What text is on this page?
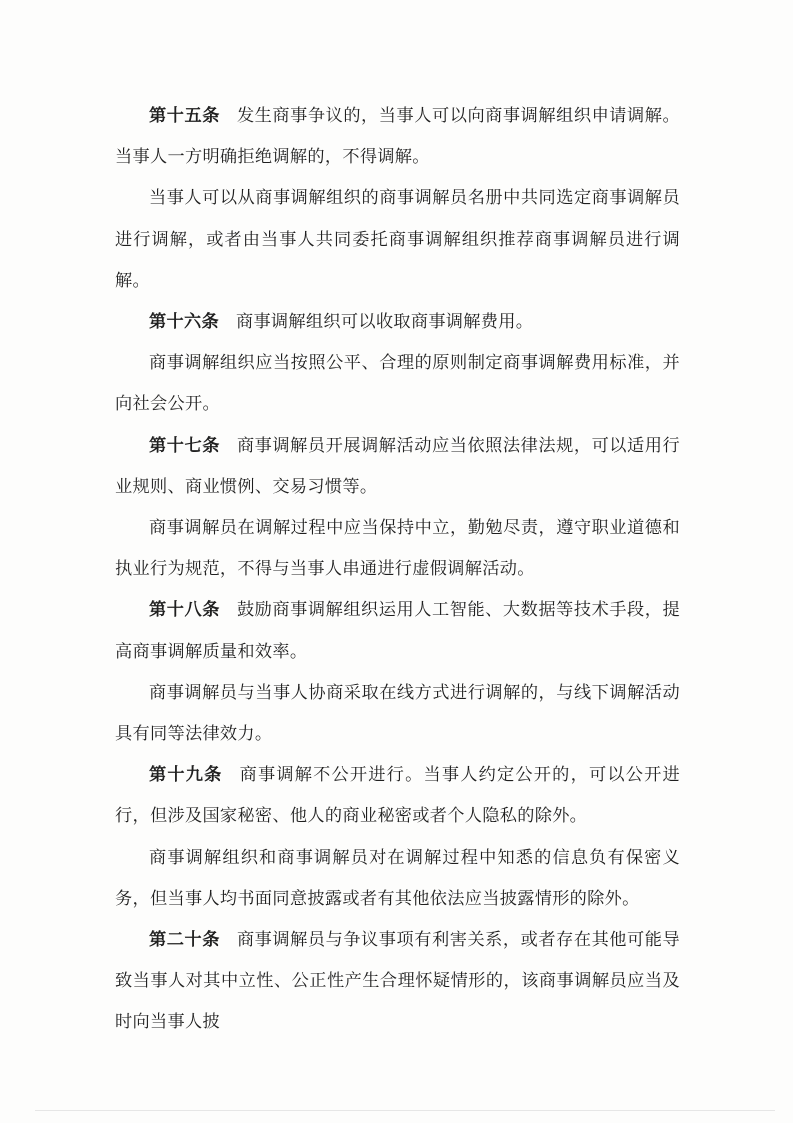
第十五条 发生商事争议的，当事人可以向商事调解组织申请调解。当事人一方明确拒绝调解的，不得调解。

当事人可以从商事调解组织的商事调解员名册中共同选定商事调解员进行调解，或者由当事人共同委托商事调解组织推荐商事调解员进行调解。

第十六条 商事调解组织可以收取商事调解费用。

商事调解组织应当按照公平、合理的原则制定商事调解费用标准，并向社会公开。

第十七条 商事调解员开展调解活动应当依照法律法规，可以适用行业规则、商业惯例、交易习惯等。

商事调解员在调解过程中应当保持中立，勤勉尽责，遵守职业道德和执业行为规范，不得与当事人串通进行虚假调解活动。

第十八条 鼓励商事调解组织运用人工智能、大数据等技术手段，提高商事调解质量和效率。

商事调解员与当事人协商采取在线方式进行调解的，与线下调解活动具有同等法律效力。

第十九条 商事调解不公开进行。当事人约定公开的，可以公开进行，但涉及国家秘密、他人的商业秘密或者个人隐私的除外。

商事调解组织和商事调解员对在调解过程中知悉的信息负有保密义务，但当事人均书面同意披露或者有其他依法应当披露情形的除外。

第二十条 商事调解员与争议事项有利害关系，或者存在其他可能导致当事人对其中立性、公正性产生合理怀疑情形的，该商事调解员应当及时向当事人披
